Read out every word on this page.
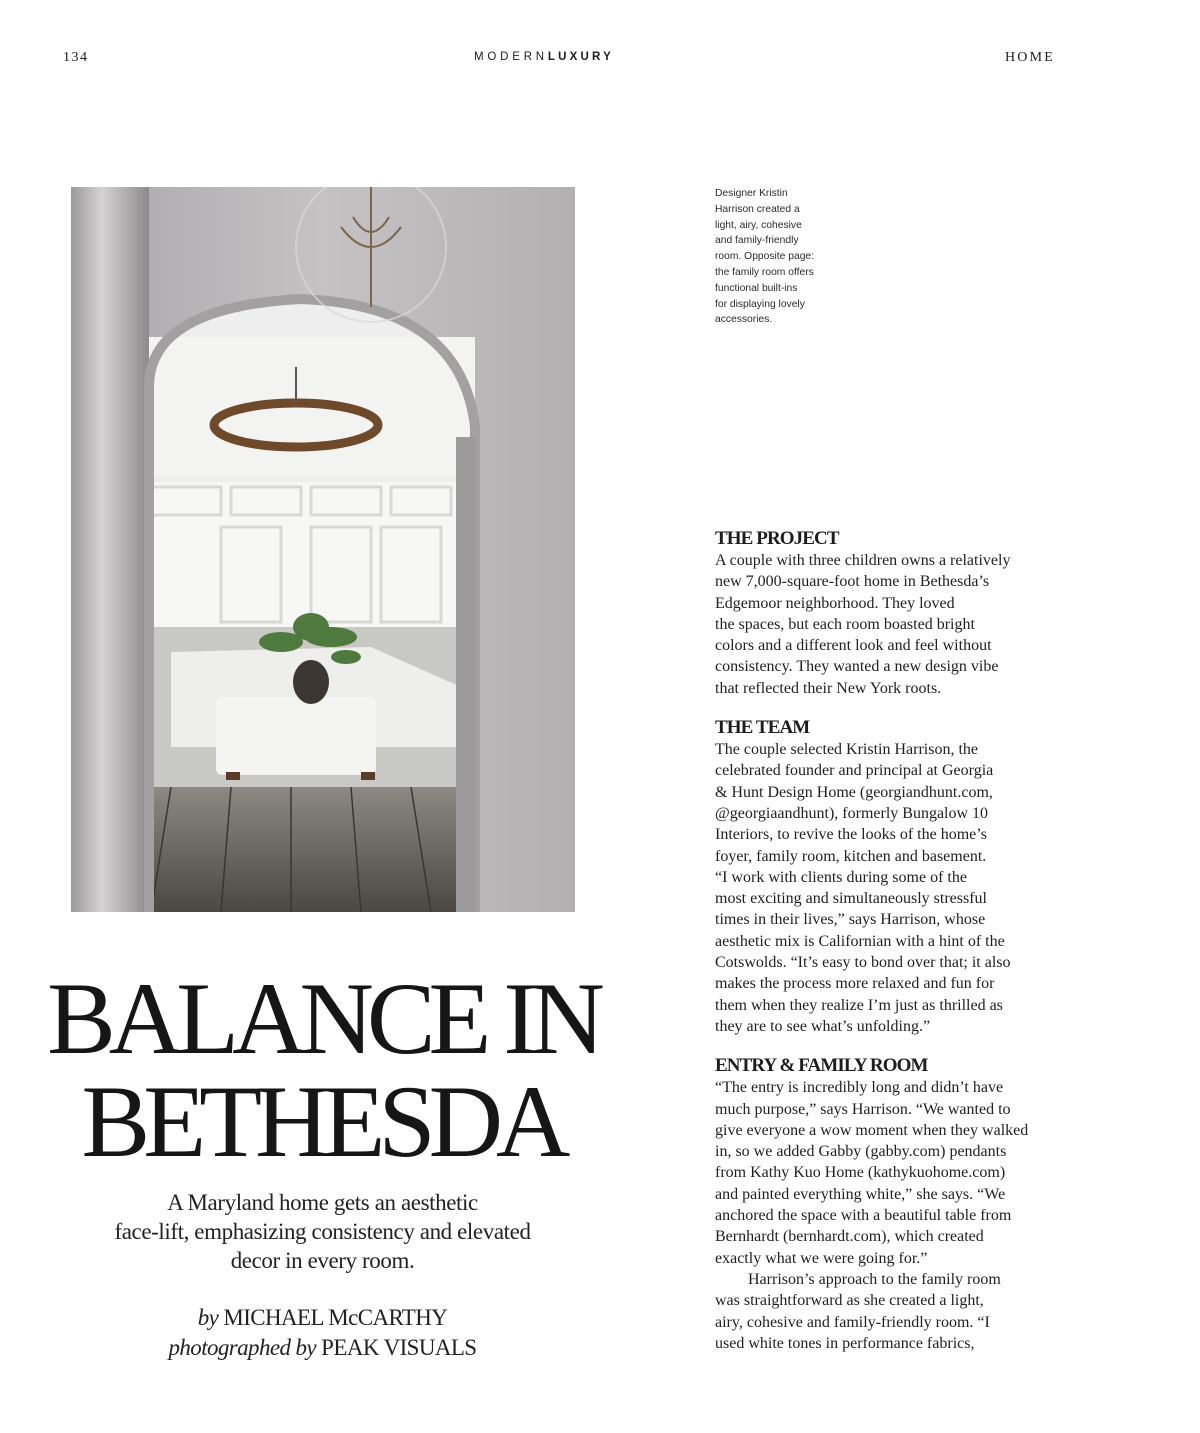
134	MODERNLUXURY	HOME
Designer Kristin
Harrison created a
light, airy, cohesive
and family-friendly
room. Opposite page:
the family room offers
functional built-ins
for displaying lovely
accessories.
BALANCE IN
BETHESDA
A Maryland home gets an aesthetic
face-lift, emphasizing consistency and elevated
decor in every room.
by MICHAEL McCARTHY
photographed by PEAK VISUALS
THE PROJECT

A couple with three children owns a relatively
new 7,000-square-foot home in Bethesda’s
Edgemoor neighborhood. They loved
the spaces, but each room boasted bright
colors and a different look and feel without
consistency. They wanted a new design vibe
that reflected their New York roots.

THE TEAM

The couple selected Kristin Harrison, the
celebrated founder and principal at Georgia
& Hunt Design Home (georgiandhunt.com,
@georgiaandhunt), formerly Bungalow 10
Interiors, to revive the looks of the home’s
foyer, family room, kitchen and basement.
“I work with clients during some of the
most exciting and simultaneously stressful
times in their lives,” says Harrison, whose
aesthetic mix is Californian with a hint of the
Cotswolds. “It’s easy to bond over that; it also
makes the process more relaxed and fun for
them when they realize I’m just as thrilled as
they are to see what’s unfolding.”

ENTRY & FAMILY ROOM

“The entry is incredibly long and didn’t have
much purpose,” says Harrison. “We wanted to
give everyone a wow moment when they walked
in, so we added Gabby (gabby.com) pendants
from Kathy Kuo Home (kathykuohome.com)
and painted everything white,” she says. “We
anchored the space with a beautiful table from
Bernhardt (bernhardt.com), which created
exactly what we were going for.”
Harrison’s approach to the family room
was straightforward as she created a light,
airy, cohesive and family-friendly room. “I
used white tones in performance fabrics,
